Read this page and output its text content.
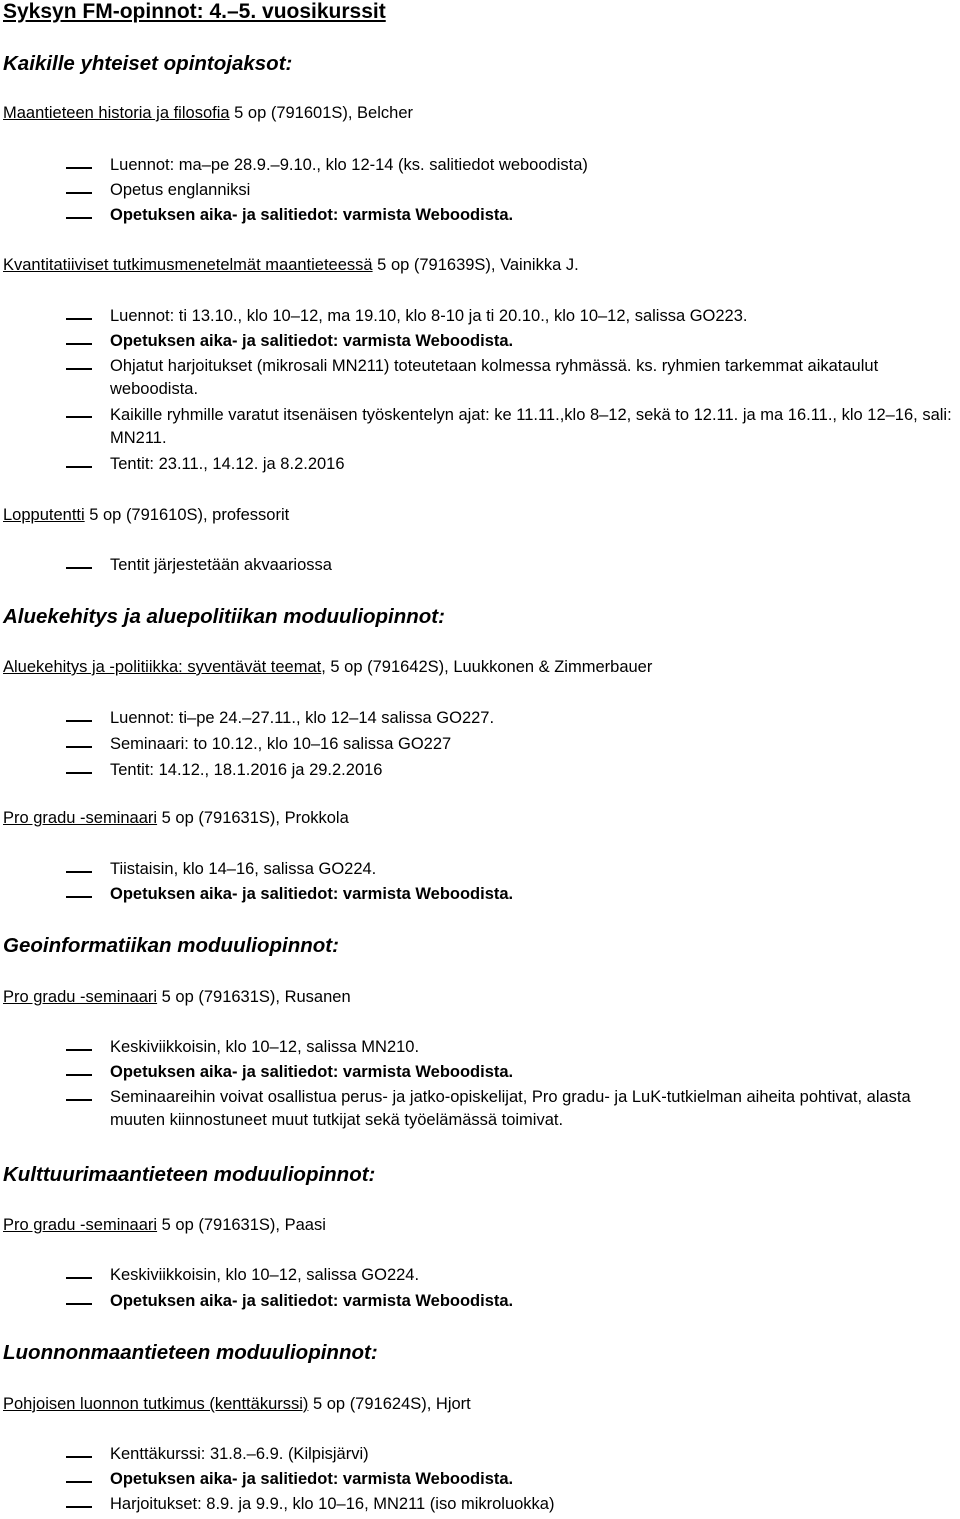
Syksyn FM-opinnot: 4.–5. vuosikurssit
Kaikille yhteiset opintojaksot:
Maantieteen historia ja filosofia 5 op (791601S), Belcher
Luennot: ma–pe 28.9.–9.10., klo 12-14 (ks. salitiedot weboodista)
Opetus englanniksi
Opetuksen aika- ja salitiedot: varmista Weboodista.
Kvantitatiiviset tutkimusmenetelmät maantieteessä 5 op (791639S), Vainikka J.
Luennot: ti 13.10., klo 10–12, ma 19.10, klo 8-10 ja ti 20.10., klo 10–12, salissa GO223.
Opetuksen aika- ja salitiedot: varmista Weboodista.
Ohjatut harjoitukset (mikrosali MN211) toteutetaan kolmessa ryhmässä. ks. ryhmien tarkemmat aikataulut weboodista.
Kaikille ryhmille varatut itsenäisen työskentelyn ajat: ke 11.11.,klo 8–12, sekä to 12.11. ja ma 16.11., klo 12–16, sali: MN211.
Tentit: 23.11., 14.12. ja 8.2.2016
Lopputentti 5 op (791610S), professorit
Tentit järjestetään akvaariossa
Aluekehitys ja aluepolitiikan moduuliopinnot:
Aluekehitys ja -politiikka: syventävät teemat, 5 op (791642S), Luukkonen & Zimmerbauer
Luennot: ti–pe 24.–27.11., klo 12–14 salissa GO227.
Seminaari: to 10.12., klo 10–16 salissa GO227
Tentit: 14.12., 18.1.2016 ja 29.2.2016
Pro gradu -seminaari 5 op (791631S), Prokkola
Tiistaisin, klo 14–16, salissa GO224.
Opetuksen aika- ja salitiedot: varmista Weboodista.
Geoinformatiikan moduuliopinnot:
Pro gradu -seminaari 5 op (791631S), Rusanen
Keskiviikkoisin, klo 10–12, salissa MN210.
Opetuksen aika- ja salitiedot: varmista Weboodista.
Seminaareihin voivat osallistua perus- ja jatko-opiskelijat, Pro gradu- ja LuK-tutkielman aiheita pohtivat, alasta muuten kiinnostuneet muut tutkijat sekä työelämässä toimivat.
Kulttuurimaantieteen moduuliopinnot:
Pro gradu -seminaari 5 op (791631S), Paasi
Keskiviikkoisin, klo 10–12, salissa GO224.
Opetuksen aika- ja salitiedot: varmista Weboodista.
Luonnonmaantieteen moduuliopinnot:
Pohjoisen luonnon tutkimus (kenttäkurssi) 5 op (791624S), Hjort
Kenttäkurssi: 31.8.–6.9. (Kilpisjärvi)
Opetuksen aika- ja salitiedot: varmista Weboodista.
Harjoitukset: 8.9. ja 9.9., klo 10–16, MN211 (iso mikroluokka)
